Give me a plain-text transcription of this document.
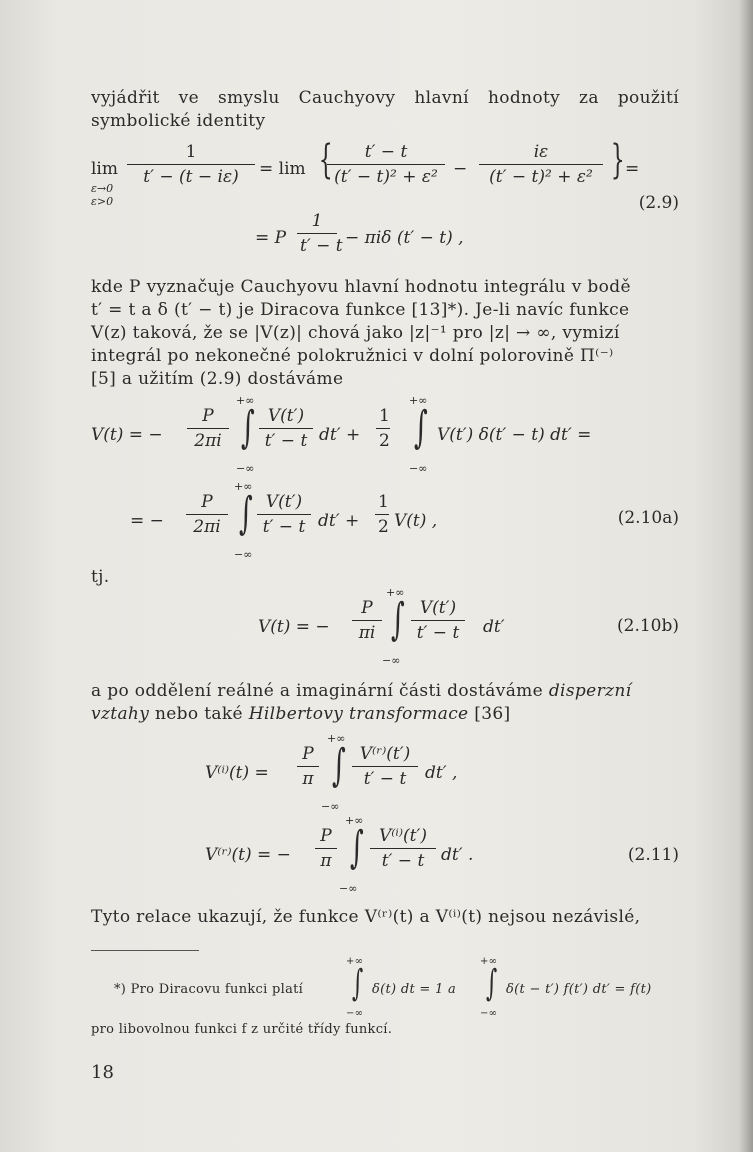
vyjádřit ve smyslu Cauchyovy hlavní hodnoty za použití symbolické identity
lim
ε→0
ε>0
$\frac{1}{t' - (t - i\varepsilon)} = \lim$ {
$\frac{t' - t}{\text{(t′ − t)² + ε²}} - \frac{i\varepsilon}{\text{(t′ − t)² + ε²}}$ } =
(2.9)
= P $\frac{1}{t' - t} - \pi i\delta$ (t′ − t) ,
kde P vyznačuje Cauchyovu hlavní hodnotu integrálu v bodě
t′ = t a δ (t′ − t) je Diracova funkce [13]*). Je-li navíc funkce
V(z) taková, že se |V(z)| chová jako |z|⁻¹ pro |z| → ∞, vymizí
integrál po nekonečné polokružnici v dolní polorovině Π⁽⁻⁾
[5] a užitím (2.9) dostáváme
V(t) = − $\frac{P}{2\pi i}$
+∞
∫
−∞
$\frac{V(t')}{t' - t} dt' + \frac{1}{2}$
+∞
∫
−∞
V(t′) δ(t′ − t) dt′ =
= − $\frac{P}{2\pi i}$
+∞
∫
−∞
$\frac{V(t')}{t' - t} dt' + \frac{1}{2} V(t)$ ,	(2.10a)
tj.
V(t) = − $\frac{P}{\pi i}$
+∞
∫
−∞
$\frac{V(t')}{t' - t} dt'$	(2.10b)
a po oddělení reálné a imaginární části dostáváme disperzní
vztahy nebo také Hilbertovy transformace [36]
$V^{(i)}(t) = \frac{P}{\pi}$
+∞
∫
−∞
$\frac{\text{V⁽ʳ⁾(t′)}}{t' - t} dt'$ ,
V⁽ʳ⁾(t) = − $\frac{P}{\pi}$
+∞
∫
−∞
$\frac{\text{V⁽ⁱ⁾(t′)}}{t' - t} dt'$ .	(2.11)
Tyto relace ukazují, že funkce V⁽ʳ⁾(t) a V⁽ⁱ⁾(t) nejsou nezávislé,
*) Pro Diracovu funkci platí
+∞
∫
−∞
δ(t) dt = 1 a
+∞
∫
−∞
δ(t − t′) f(t′) dt′ = f(t)
pro libovolnou funkci f z určité třídy funkcí.
18
